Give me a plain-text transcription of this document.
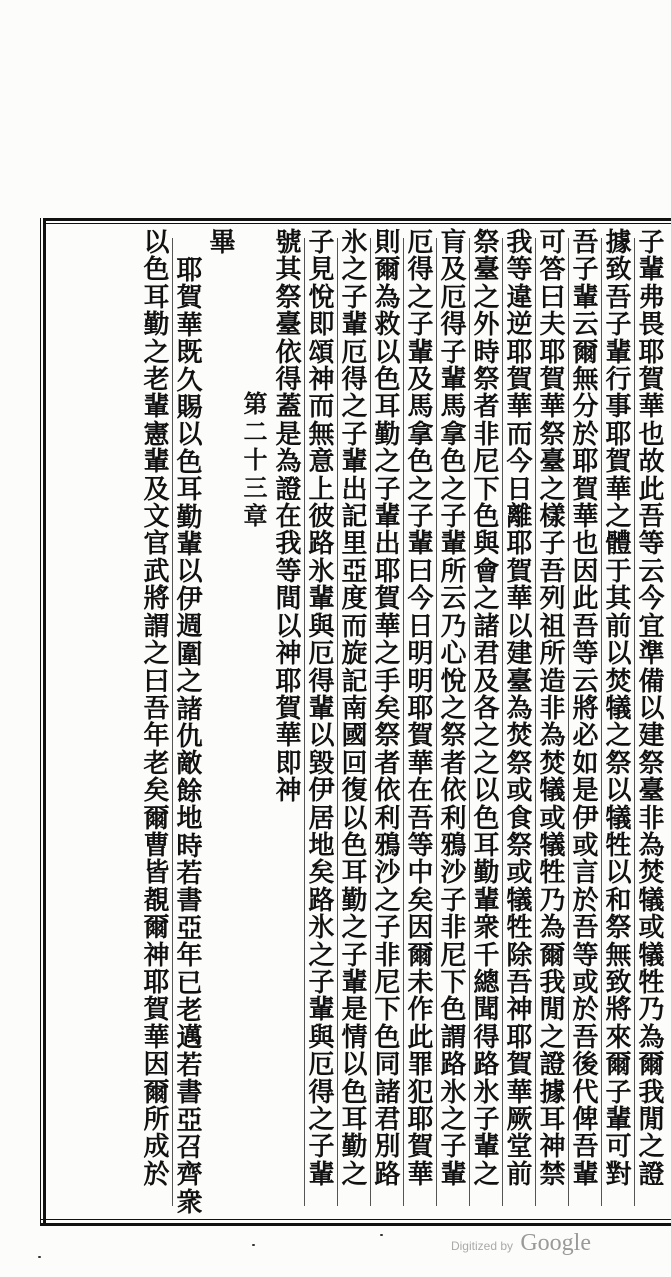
子輩弗畏耶賀華也故此吾等云今宜準備以建祭臺非為焚犠或犠牲乃為爾我閒之證
據致吾子輩行事耶賀華之體于其前以焚犠之祭以犠牲以和祭無致將來爾子輩可對
吾子輩云爾無分於耶賀華也因此吾等云將必如是伊或言於吾等或於吾後代俾吾輩
可答曰夫耶賀華祭臺之樣子吾列祖所造非為焚犠或犠牲乃為爾我閒之證據耳神禁
我等違逆耶賀華而今日離耶賀華以建臺為焚祭或食祭或犠牲除吾神耶賀華厥堂前
祭臺之外時祭者非尼下色與會之諸君及各之之以色耳勤輩衆千總聞得路氷子輩之
肓及厄得子輩馬拿色之子輩所云乃心悅之祭者依利鴉沙子非尼下色謂路氷之子輩
厄得之子輩及馬拿色之子輩曰今日明明耶賀華在吾等中矣因爾未作此罪犯耶賀華
則爾為救以色耳勤之子輩出耶賀華之手矣祭者依利鴉沙之子非尼下色同諸君別路
氷之子輩厄得之子輩出記里亞度而旋記南國回復以色耳勤之子輩是情以色耳勤之
子見悅即頌神而無意上彼路氷輩與厄得輩以毀伊居地矣路氷之子輩與厄得之子輩
號其祭臺依得蓋是為證在我等間以神耶賀華即神
第二十三章
畢
耶賀華既久賜以色耳勤輩以伊週圍之諸仇敵餘地時若書亞年已老邁若書亞召齊衆
以色耳勤之老輩憲輩及文官武將謂之曰吾年老矣爾曹皆覩爾神耶賀華因爾所成於
Digitized by Google
